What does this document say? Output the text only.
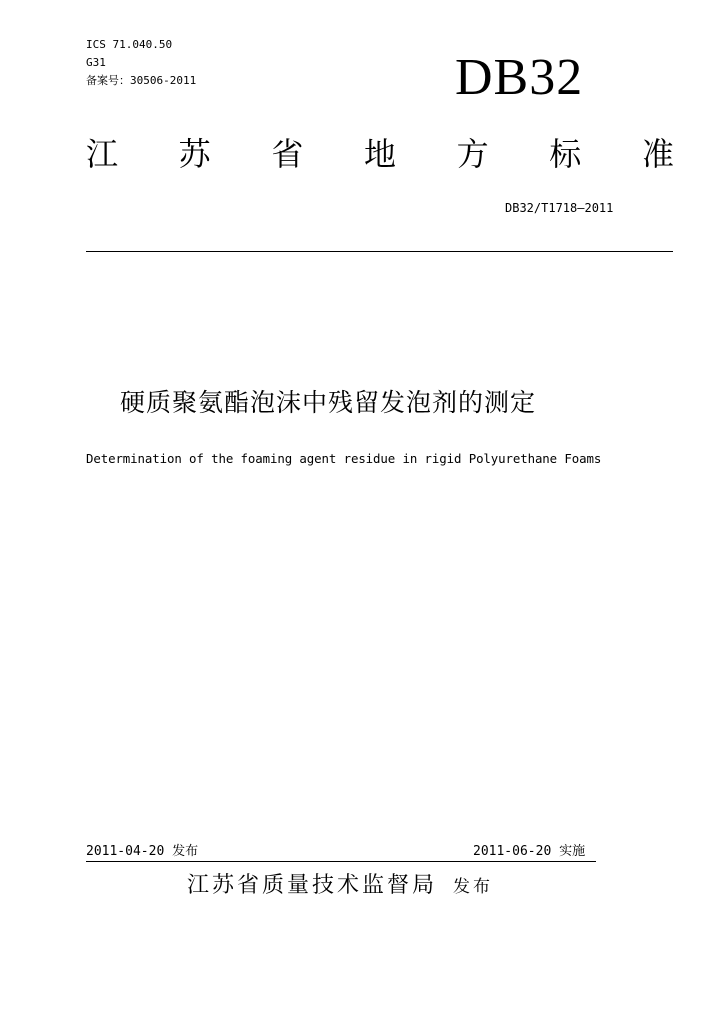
ICS 71.040.50
G31
备案号：30506-2011	DB32
江 苏 省 地 方 标 准
DB32/T1718—2011
硬质聚氨酯泡沫中残留发泡剂的测定
Determination of the foaming agent residue in rigid Polyurethane Foams
2011-04-20 发布	2011-06-20 实施
江苏省质量技术监督局 发布
